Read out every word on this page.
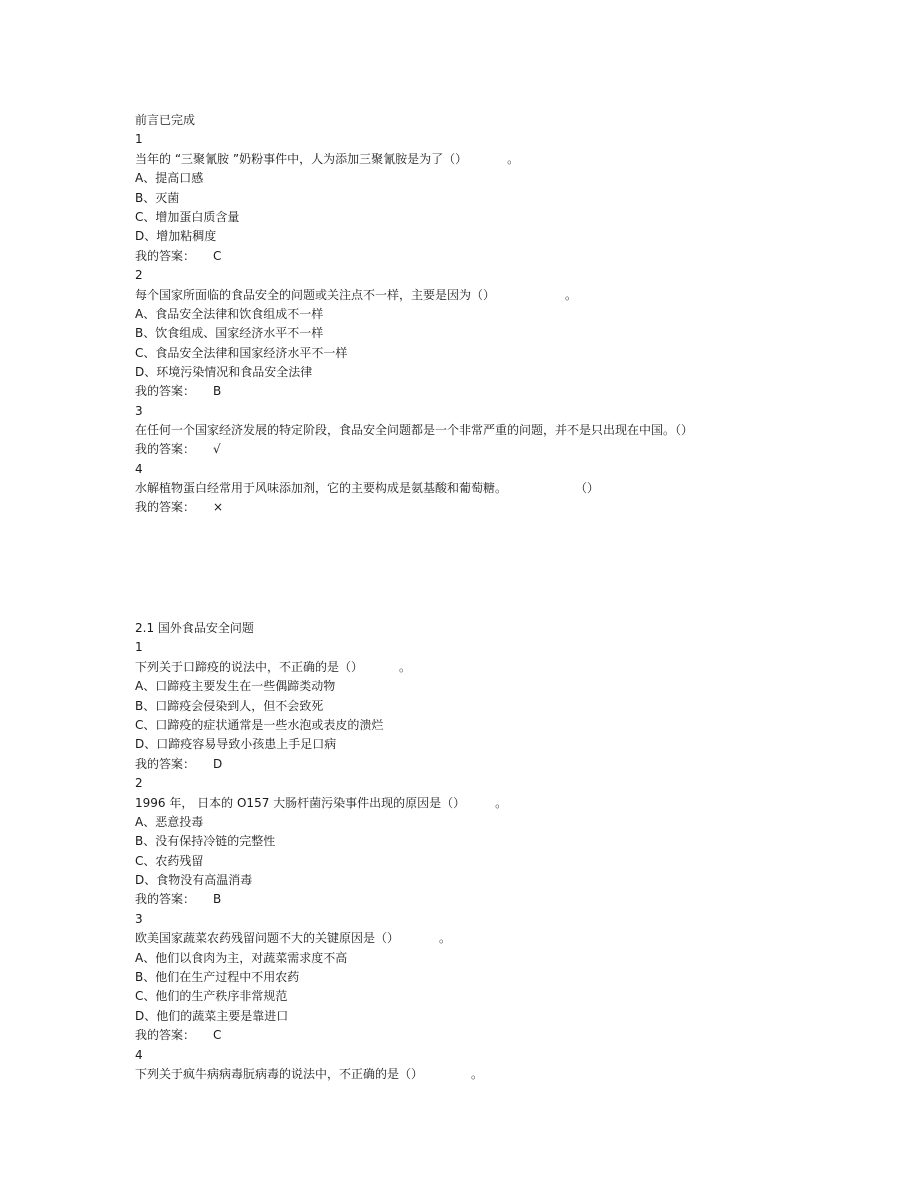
前言已完成
1
当年的 “三聚氰胺 ”奶粉事件中，人为添加三聚氰胺是为了（）	。
A、提高口感
B、灭菌
C、增加蛋白质含量
D、增加粘稠度
我的答案： C
2
每个国家所面临的食品安全的问题或关注点不一样，主要是因为（）	。
A、食品安全法律和饮食组成不一样
B、饮食组成、国家经济水平不一样
C、食品安全法律和国家经济水平不一样
D、环境污染情况和食品安全法律
我的答案： B
3
在任何一个国家经济发展的特定阶段，食品安全问题都是一个非常严重的问题，并不是只出现在中国。（）
我的答案： √
4
水解植物蛋白经常用于风味添加剂，它的主要构成是氨基酸和葡萄糖。	（）
我的答案： ×
2.1 国外食品安全问题
1
下列关于口蹄疫的说法中，不正确的是（）	。
A、口蹄疫主要发生在一些偶蹄类动物
B、口蹄疫会侵染到人，但不会致死
C、口蹄疫的症状通常是一些水泡或表皮的溃烂
D、口蹄疫容易导致小孩患上手足口病
我的答案： D
2
1996 年， 日本的 O157 大肠杆菌污染事件出现的原因是（）	。
A、恶意投毒
B、没有保持冷链的完整性
C、农药残留
D、食物没有高温消毒
我的答案： B
3
欧美国家蔬菜农药残留问题不大的关键原因是（）	。
A、他们以食肉为主，对蔬菜需求度不高
B、他们在生产过程中不用农药
C、他们的生产秩序非常规范
D、他们的蔬菜主要是靠进口
我的答案： C
4
下列关于疯牛病病毒朊病毒的说法中，不正确的是（）	。
